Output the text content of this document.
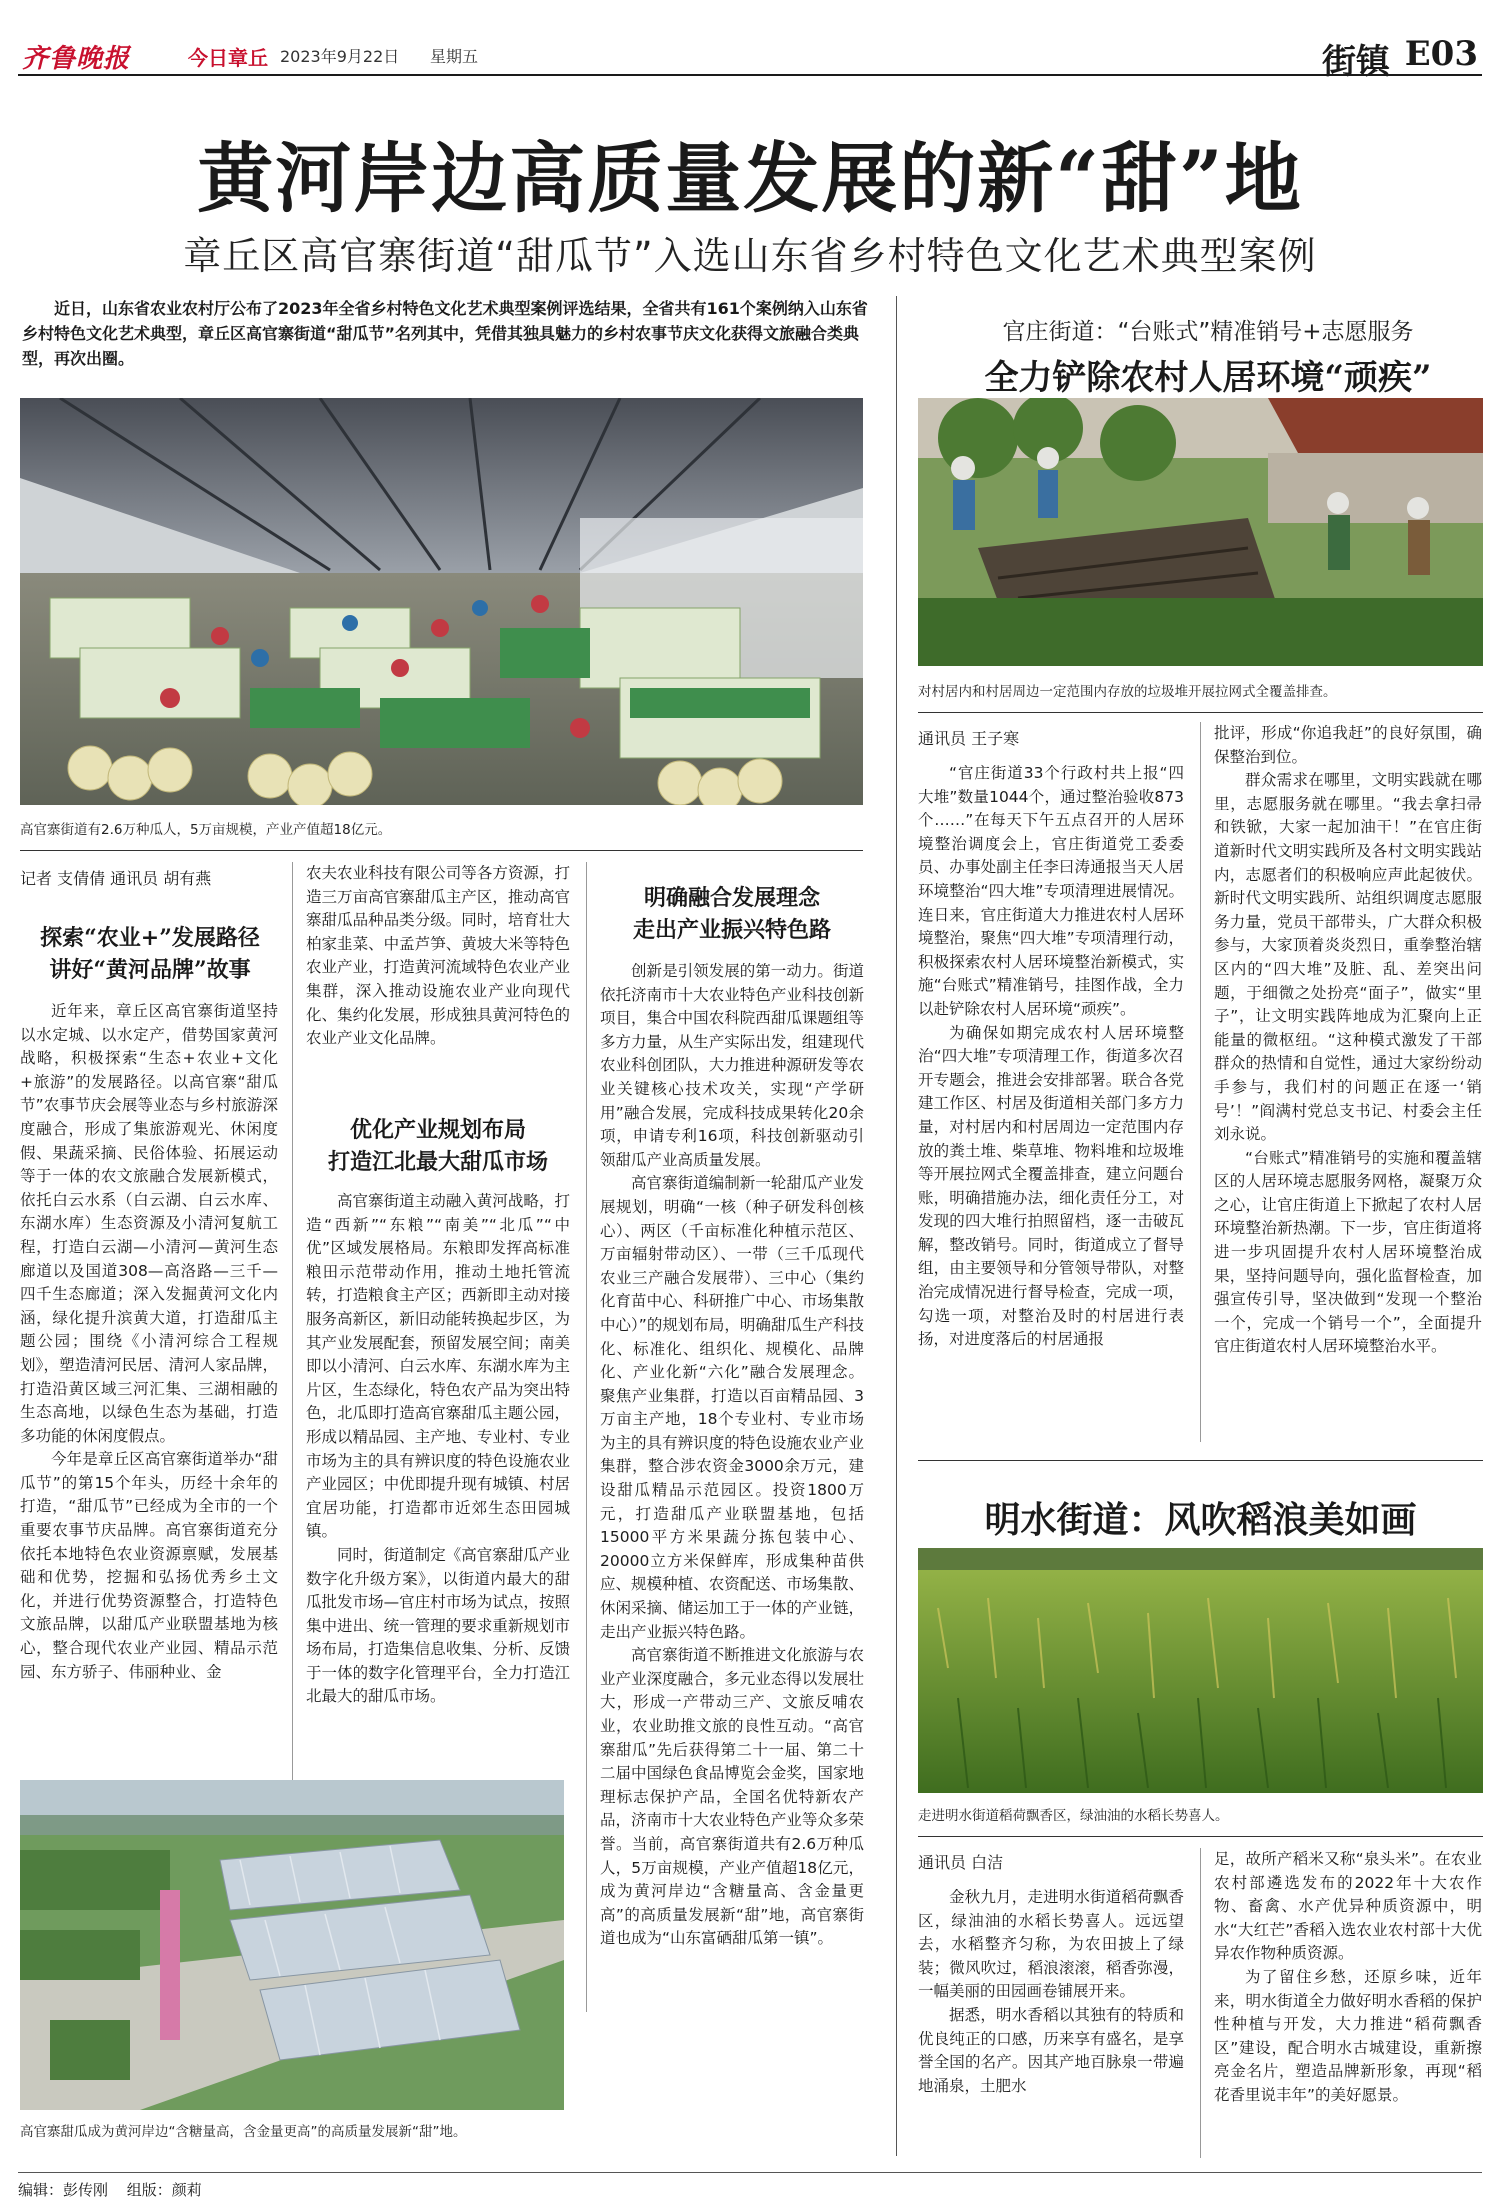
齐鲁晚报	今日章丘 2023年9月22日 星期五	街镇 E03
黄河岸边高质量发展的新“甜”地
章丘区高官寨街道“甜瓜节”入选山东省乡村特色文化艺术典型案例

近日，山东省农业农村厅公布了2023年全省乡村特色文化艺术典型案例评选结果，全省共有161个案例纳入山东省乡村特色文化艺术典型，章丘区高官寨街道“甜瓜节”名列其中，凭借其独具魅力的乡村农事节庆文化获得文旅融合类典型，再次出圈。

高官寨街道有2.6万种瓜人，5万亩规模，产业产值超18亿元。
记者 支倩倩 通讯员 胡有燕
探索“农业+”发展路径
讲好“黄河品牌”故事

近年来，章丘区高官寨街道坚持以水定城、以水定产，借势国家黄河战略，积极探索“生态+农业+文化+旅游”的发展路径。以高官寨“甜瓜节”农事节庆会展等业态与乡村旅游深度融合，形成了集旅游观光、休闲度假、果蔬采摘、民俗体验、拓展运动等于一体的农文旅融合发展新模式，依托白云水系（白云湖、白云水库、东湖水库）生态资源及小清河复航工程，打造白云湖—小清河—黄河生态廊道以及国道308—高洛路—三千—四千生态廊道；深入发掘黄河文化内涵，绿化提升滨黄大道，打造甜瓜主题公园；围绕《小清河综合工程规划》，塑造清河民居、清河人家品牌，打造沿黄区域三河汇集、三湖相融的生态高地，以绿色生态为基础，打造多功能的休闲度假点。

今年是章丘区高官寨街道举办“甜瓜节”的第15个年头，历经十余年的打造，“甜瓜节”已经成为全市的一个重要农事节庆品牌。高官寨街道充分依托本地特色农业资源禀赋，发展基础和优势，挖掘和弘扬优秀乡土文化，并进行优势资源整合，打造特色文旅品牌，以甜瓜产业联盟基地为核心，整合现代农业产业园、精品示范园、东方骄子、伟丽种业、金

农夫农业科技有限公司等各方资源，打造三万亩高官寨甜瓜主产区，推动高官寨甜瓜品种品类分级。同时，培育壮大柏家韭菜、中孟芦笋、黄坡大米等特色农业产业，打造黄河流域特色农业产业集群，深入推动设施农业产业向现代化、集约化发展，形成独具黄河特色的农业产业文化品牌。

优化产业规划布局
打造江北最大甜瓜市场

高官寨街道主动融入黄河战略，打造“西新”“东粮”“南美”“北瓜”“中优”区域发展格局。东粮即发挥高标准粮田示范带动作用，推动土地托管流转，打造粮食主产区；西新即主动对接服务高新区，新旧动能转换起步区，为其产业发展配套，预留发展空间；南美即以小清河、白云水库、东湖水库为主片区，生态绿化，特色农产品为突出特色，北瓜即打造高官寨甜瓜主题公园，形成以精品园、主产地、专业村、专业市场为主的具有辨识度的特色设施农业产业园区；中优即提升现有城镇、村居宜居功能，打造都市近郊生态田园城镇。

同时，街道制定《高官寨甜瓜产业数字化升级方案》，以街道内最大的甜瓜批发市场—官庄村市场为试点，按照集中进出、统一管理的要求重新规划市场布局，打造集信息收集、分析、反馈于一体的数字化管理平台，全力打造江北最大的甜瓜市场。

明确融合发展理念
走出产业振兴特色路

创新是引领发展的第一动力。街道依托济南市十大农业特色产业科技创新项目，集合中国农科院西甜瓜课题组等多方力量，从生产实际出发，组建现代农业科创团队，大力推进种源研发等农业关键核心技术攻关，实现“产学研用”融合发展，完成科技成果转化20余项，申请专利16项，科技创新驱动引领甜瓜产业高质量发展。

高官寨街道编制新一轮甜瓜产业发展规划，明确“一核（种子研发科创核心）、两区（千亩标准化种植示范区、万亩辐射带动区）、一带（三千瓜现代农业三产融合发展带）、三中心（集约化育苗中心、科研推广中心、市场集散中心）”的规划布局，明确甜瓜生产科技化、标准化、组织化、规模化、品牌化、产业化新“六化”融合发展理念。聚焦产业集群，打造以百亩精品园、3万亩主产地，18个专业村、专业市场为主的具有辨识度的特色设施农业产业集群，整合涉农资金3000余万元，建设甜瓜精品示范园区。投资1800万元，打造甜瓜产业联盟基地，包括15000平方米果蔬分拣包装中心、20000立方米保鲜库，形成集种苗供应、规模种植、农资配送、市场集散、休闲采摘、储运加工于一体的产业链，走出产业振兴特色路。

高官寨街道不断推进文化旅游与农业产业深度融合，多元业态得以发展壮大，形成一产带动三产、文旅反哺农业，农业助推文旅的良性互动。“高官寨甜瓜”先后获得第二十一届、第二十二届中国绿色食品博览会金奖，国家地理标志保护产品，全国名优特新农产品，济南市十大农业特色产业等众多荣誉。当前，高官寨街道共有2.6万种瓜人，5万亩规模，产业产值超18亿元，成为黄河岸边“含糖量高、含金量更高”的高质量发展新“甜”地，高官寨街道也成为“山东富硒甜瓜第一镇”。

高官寨甜瓜成为黄河岸边“含糖量高，含金量更高”的高质量发展新“甜”地。
官庄街道：“台账式”精准销号+志愿服务
全力铲除农村人居环境“顽疾”
对村居内和村居周边一定范围内存放的垃圾堆开展拉网式全覆盖排查。
通讯员 王子寒

“官庄街道33个行政村共上报“四大堆”数量1044个，通过整治验收873个……”在每天下午五点召开的人居环境整治调度会上，官庄街道党工委委员、办事处副主任李曰涛通报当天人居环境整治“四大堆”专项清理进展情况。连日来，官庄街道大力推进农村人居环境整治，聚焦“四大堆”专项清理行动，积极探索农村人居环境整治新模式，实施“台账式”精准销号，挂图作战，全力以赴铲除农村人居环境“顽疾”。

为确保如期完成农村人居环境整治“四大堆”专项清理工作，街道多次召开专题会，推进会安排部署。联合各党建工作区、村居及街道相关部门多方力量，对村居内和村居周边一定范围内存放的粪土堆、柴草堆、物料堆和垃圾堆等开展拉网式全覆盖排查，建立问题台账，明确措施办法，细化责任分工，对发现的四大堆行拍照留档，逐一击破瓦解，整改销号。同时，街道成立了督导组，由主要领导和分管领导带队，对整治完成情况进行督导检查，完成一项，勾选一项，对整治及时的村居进行表扬，对进度落后的村居通报

批评，形成“你追我赶”的良好氛围，确保整治到位。

群众需求在哪里，文明实践就在哪里，志愿服务就在哪里。“我去拿扫帚和铁锨，大家一起加油干！”在官庄街道新时代文明实践所及各村文明实践站内，志愿者们的积极响应声此起彼伏。新时代文明实践所、站组织调度志愿服务力量，党员干部带头，广大群众积极参与，大家顶着炎炎烈日，重拳整治辖区内的“四大堆”及脏、乱、差突出问题，于细微之处扮亮“面子”，做实“里子”，让文明实践阵地成为汇聚向上正能量的微枢纽。“这种模式激发了干部群众的热情和自觉性，通过大家纷纷动手参与，我们村的问题正在逐一‘销号’！”阎满村党总支书记、村委会主任刘永说。

“台账式”精准销号的实施和覆盖辖区的人居环境志愿服务网格，凝聚万众之心，让官庄街道上下掀起了农村人居环境整治新热潮。下一步，官庄街道将进一步巩固提升农村人居环境整治成果，坚持问题导向，强化监督检查，加强宣传引导，坚决做到“发现一个整治一个，完成一个销号一个”，全面提升官庄街道农村人居环境整治水平。

明水街道：风吹稻浪美如画
走进明水街道稻荷飘香区，绿油油的水稻长势喜人。
通讯员 白洁

金秋九月，走进明水街道稻荷飘香区，绿油油的水稻长势喜人。远远望去，水稻整齐匀称，为农田披上了绿装；微风吹过，稻浪滚滚，稻香弥漫，一幅美丽的田园画卷铺展开来。

据悉，明水香稻以其独有的特质和优良纯正的口感，历来享有盛名，是享誉全国的名产。因其产地百脉泉一带遍地涌泉，土肥水

足，故所产稻米又称“泉头米”。在农业农村部遴选发布的2022年十大农作物、畜禽、水产优异种质资源中，明水“大红芒”香稻入选农业农村部十大优异农作物种质资源。

为了留住乡愁，还原乡味，近年来，明水街道全力做好明水香稻的保护性种植与开发，大力推进“稻荷飘香区”建设，配合明水古城建设，重新擦亮金名片，塑造品牌新形象，再现“稻花香里说丰年”的美好愿景。

编辑：彭传刚 组版：颜莉
